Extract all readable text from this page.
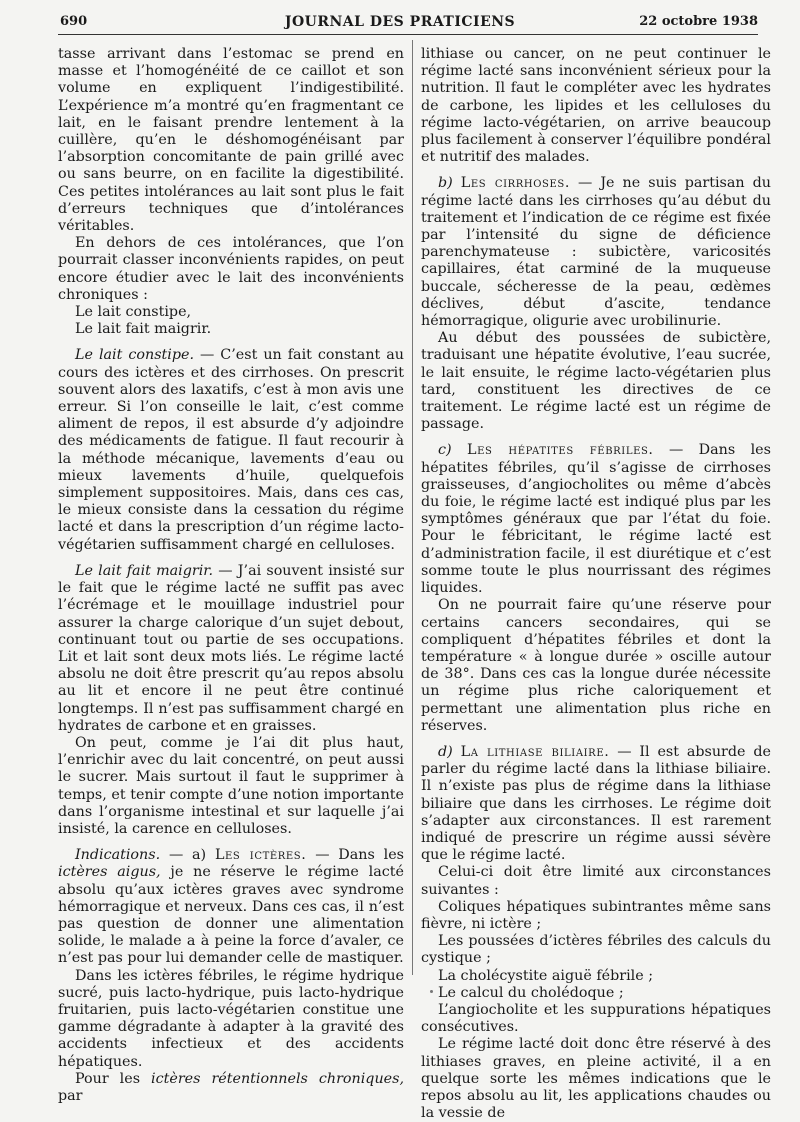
690	JOURNAL DES PRATICIENS	22 octobre 1938

tasse arrivant dans l’estomac se prend en masse et l’homogénéité de ce caillot et son volume en expliquent l’indigestibilité. L’expérience m’a montré qu’en fragmentant ce lait, en le faisant prendre lentement à la cuillère, qu’en le déshomogénéisant par l’absorption concomitante de pain grillé avec ou sans beurre, on en facilite la digestibilité. Ces petites intolérances au lait sont plus le fait d’erreurs techniques que d’intolérances véritables.

En dehors de ces intolérances, que l’on pourrait classer inconvénients rapides, on peut encore étudier avec le lait des inconvénients chroniques :

Le lait constipe,

Le lait fait maigrir.

Le lait constipe. — C’est un fait constant au cours des ictères et des cirrhoses. On prescrit souvent alors des laxatifs, c’est à mon avis une erreur. Si l’on conseille le lait, c’est comme aliment de repos, il est absurde d’y adjoindre des médicaments de fatigue. Il faut recourir à la méthode mécanique, lavements d’eau ou mieux lavements d’huile, quelquefois simplement suppositoires. Mais, dans ces cas, le mieux consiste dans la cessation du régime lacté et dans la prescription d’un régime lacto-végétarien suffisamment chargé en celluloses.

Le lait fait maigrir. — J’ai souvent insisté sur le fait que le régime lacté ne suffit pas avec l’écrémage et le mouillage industriel pour assurer la charge calorique d’un sujet debout, continuant tout ou partie de ses occupations. Lit et lait sont deux mots liés. Le régime lacté absolu ne doit être prescrit qu’au repos absolu au lit et encore il ne peut être continué longtemps. Il n’est pas suffisamment chargé en hydrates de carbone et en graisses.

On peut, comme je l’ai dit plus haut, l’enrichir avec du lait concentré, on peut aussi le sucrer. Mais surtout il faut le supprimer à temps, et tenir compte d’une notion importante dans l’organisme intestinal et sur laquelle j’ai insisté, la carence en celluloses.

Indications. — a) Les ictères. — Dans les ictères aigus, je ne réserve le régime lacté absolu qu’aux ictères graves avec syndrome hémorragique et nerveux. Dans ces cas, il n’est pas question de donner une alimentation solide, le malade a à peine la force d’avaler, ce n’est pas pour lui demander celle de mastiquer.

Dans les ictères fébriles, le régime hydrique sucré, puis lacto-hydrique, puis lacto-hydrique fruitarien, puis lacto-végétarien constitue une gamme dégradante à adapter à la gravité des accidents infectieux et des accidents hépatiques.

Pour les ictères rétentionnels chroniques, par

lithiase ou cancer, on ne peut continuer le régime lacté sans inconvénient sérieux pour la nutrition. Il faut le compléter avec les hydrates de carbone, les lipides et les celluloses du régime lacto-végétarien, on arrive beaucoup plus facilement à conserver l’équilibre pondéral et nutritif des malades.

b) Les cirrhoses. — Je ne suis partisan du régime lacté dans les cirrhoses qu’au début du traitement et l’indication de ce régime est fixée par l’intensité du signe de déficience parenchymateuse : subictère, varicosités capillaires, état carminé de la muqueuse buccale, sécheresse de la peau, œdèmes déclives, début d’ascite, tendance hémorragique, oligurie avec urobilinurie.

Au début des poussées de subictère, traduisant une hépatite évolutive, l’eau sucrée, le lait ensuite, le régime lacto-végétarien plus tard, constituent les directives de ce traitement. Le régime lacté est un régime de passage.

c) Les hépatites fébriles. — Dans les hépatites fébriles, qu’il s’agisse de cirrhoses graisseuses, d’angiocholites ou même d’abcès du foie, le régime lacté est indiqué plus par les symptômes généraux que par l’état du foie. Pour le fébricitant, le régime lacté est d’administration facile, il est diurétique et c’est somme toute le plus nourrissant des régimes liquides.

On ne pourrait faire qu’une réserve pour certains cancers secondaires, qui se compliquent d’hépatites fébriles et dont la température « à longue durée » oscille autour de 38°. Dans ces cas la longue durée nécessite un régime plus riche caloriquement et permettant une alimentation plus riche en réserves.

d) La lithiase biliaire. — Il est absurde de parler du régime lacté dans la lithiase biliaire. Il n’existe pas plus de régime dans la lithiase biliaire que dans les cirrhoses. Le régime doit s’adapter aux circonstances. Il est rarement indiqué de prescrire un régime aussi sévère que le régime lacté.

Celui-ci doit être limité aux circonstances suivantes :

Coliques hépatiques subintrantes même sans fièvre, ni ictère ;

Les poussées d’ictères fébriles des calculs du cystique ;

La cholécystite aiguë fébrile ;

Le calcul du cholédoque ;

L’angiocholite et les suppurations hépatiques consécutives.

Le régime lacté doit donc être réservé à des lithiases graves, en pleine activité, il a en quelque sorte les mêmes indications que le repos absolu au lit, les applications chaudes ou la vessie de
